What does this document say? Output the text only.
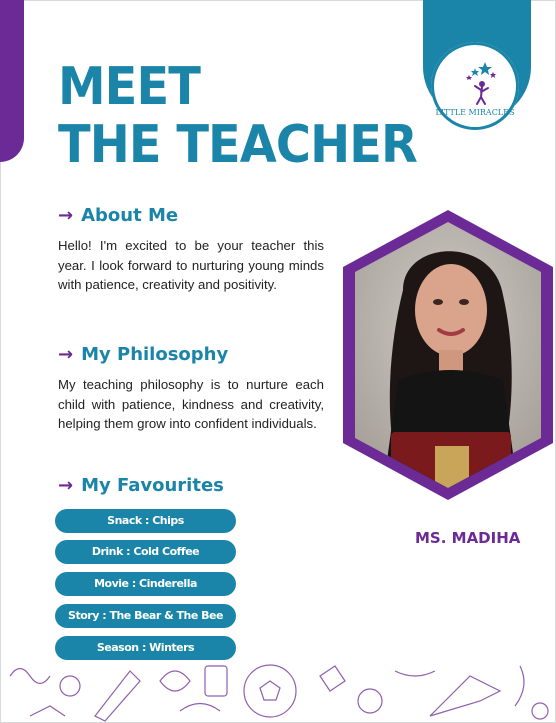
MEET
THE TEACHER
LITTLE MIRACLES
→ About Me
Hello! I'm excited to be your teacher this year. I look forward to nurturing young minds with patience, creativity and positivity.
→ My Philosophy
My teaching philosophy is to nurture each child with patience, kindness and creativity, helping them grow into confident individuals.
→ My Favourites
Snack : Chips
Drink : Cold Coffee
Movie : Cinderella
Story : The Bear & The Bee
Season : Winters
MS. MADIHA
